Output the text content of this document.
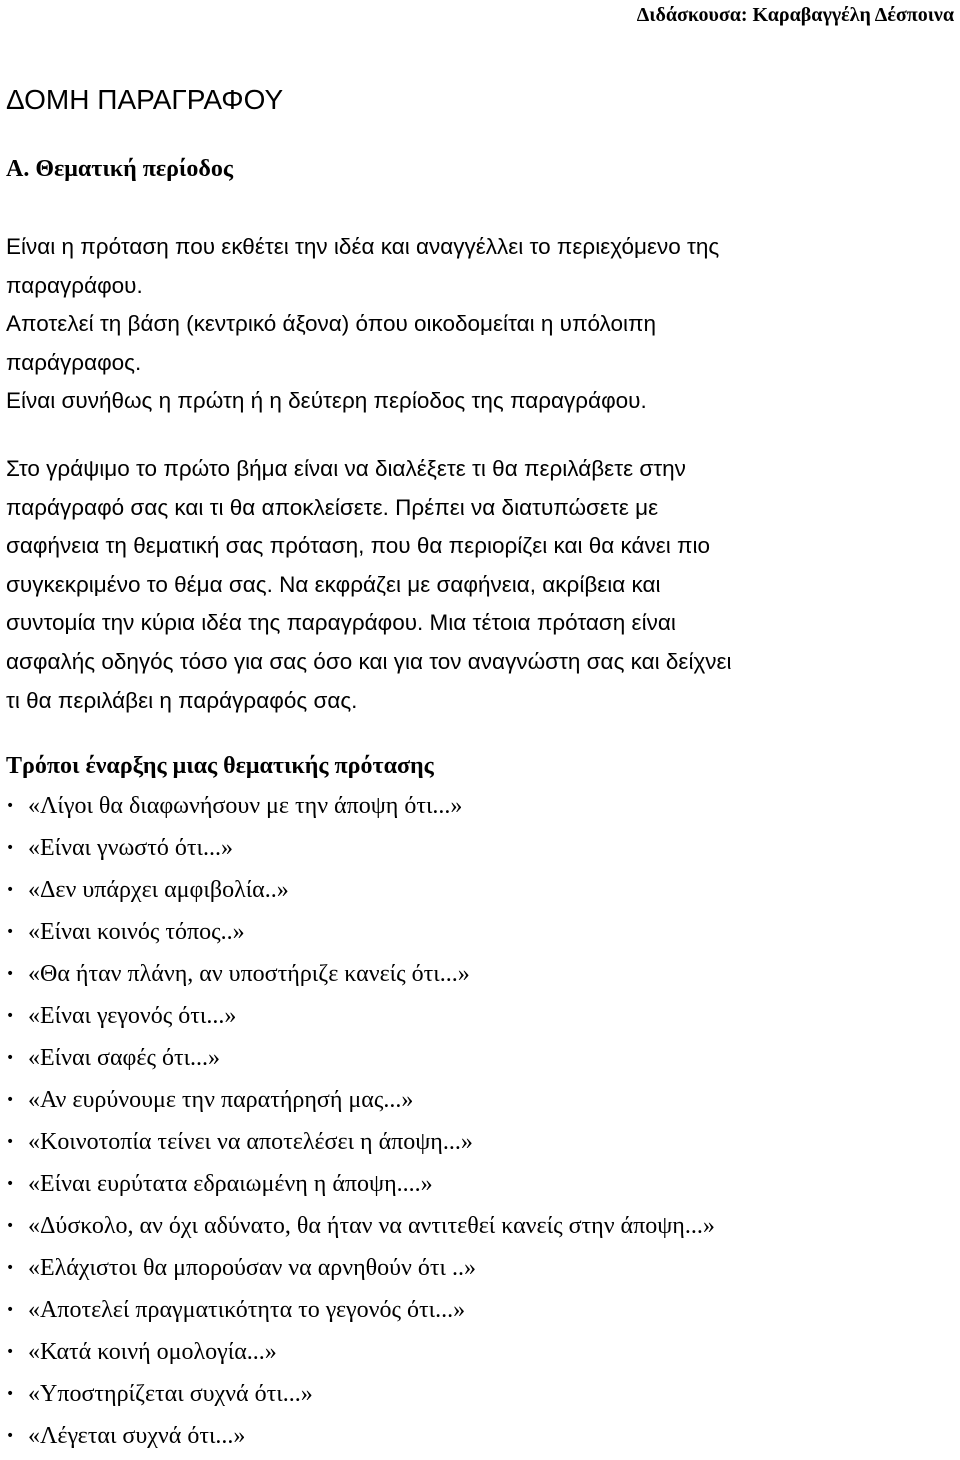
Διδάσκουσα: Καραβαγγέλη Δέσποινα
ΔΟΜΗ ΠΑΡΑΓΡΑΦΟΥ
Α. Θεματική περίοδος
Είναι η πρόταση που εκθέτει την ιδέα και αναγγέλλει το περιεχόμενο της
παραγράφου.
Αποτελεί τη βάση (κεντρικό άξονα) όπου οικοδομείται η υπόλοιπη
παράγραφος.
Είναι συνήθως η πρώτη ή η δεύτερη περίοδος της παραγράφου.
Στο γράψιμο το πρώτο βήμα είναι να διαλέξετε τι θα περιλάβετε στην
παράγραφό σας και τι θα αποκλείσετε. Πρέπει να διατυπώσετε με
σαφήνεια τη θεματική σας πρόταση, που θα περιορίζει και θα κάνει πιο
συγκεκριμένο το θέμα σας. Να εκφράζει με σαφήνεια, ακρίβεια και
συντομία την κύρια ιδέα της παραγράφου. Μια τέτοια πρόταση είναι
ασφαλής οδηγός τόσο για σας όσο και για τον αναγνώστη σας και δείχνει
τι θα περιλάβει η παράγραφός σας.
Τρόποι έναρξης μιας θεματικής πρότασης
• «Λίγοι θα διαφωνήσουν με την άποψη ότι...»
• «Είναι γνωστό ότι...»
• «Δεν υπάρχει αμφιβολία..»
• «Είναι κοινός τόπος..»
• «Θα ήταν πλάνη, αν υποστήριζε κανείς ότι...»
• «Είναι γεγονός ότι...»
• «Είναι σαφές ότι...»
• «Αν ευρύνουμε την παρατήρησή μας...»
• «Κοινοτοπία τείνει να αποτελέσει η άποψη...»
• «Είναι ευρύτατα εδραιωμένη η άποψη....»
• «Δύσκολο, αν όχι αδύνατο, θα ήταν να αντιτεθεί κανείς στην άποψη...»
• «Ελάχιστοι θα μπορούσαν να αρνηθούν ότι ..»
• «Αποτελεί πραγματικότητα το γεγονός ότι...»
• «Κατά κοινή ομολογία...»
• «Υποστηρίζεται συχνά ότι...»
• «Λέγεται συχνά ότι...»
